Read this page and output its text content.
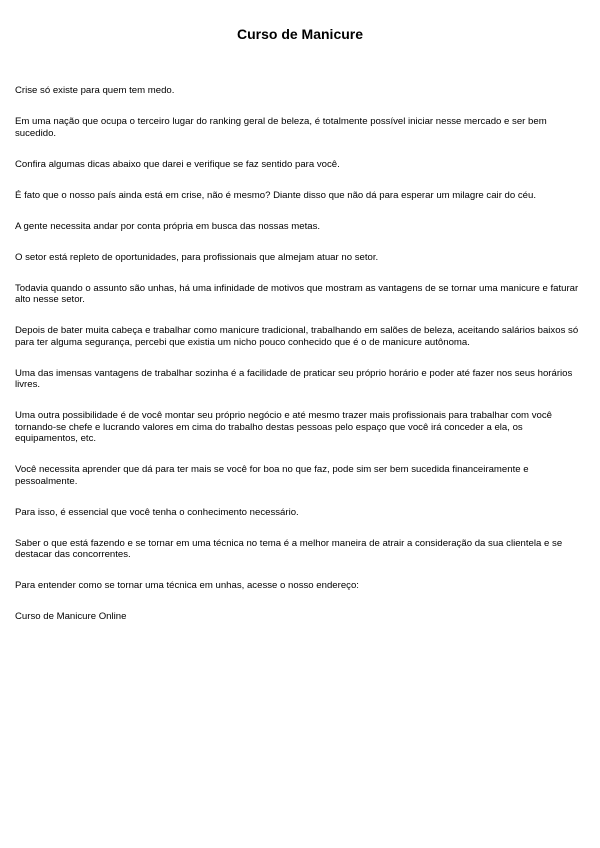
Curso de Manicure

Crise só existe para quem tem medo.

Em uma nação que ocupa o terceiro lugar do ranking geral de beleza, é totalmente possível iniciar nesse mercado e ser bem sucedido.

Confira algumas dicas abaixo que darei e verifique se faz sentido para você.

É fato que o nosso país ainda está em crise, não é mesmo? Diante disso que não dá para esperar um milagre cair do céu.

A gente necessita andar por conta própria em busca das nossas metas.

O setor está repleto de oportunidades, para profissionais que almejam atuar no setor.

Todavia quando o assunto são unhas, há uma infinidade de motivos que mostram as vantagens de se tornar uma manicure e faturar alto nesse setor.

Depois de bater muita cabeça e trabalhar como manicure tradicional, trabalhando em salões de beleza, aceitando salários baixos só para ter alguma segurança, percebi que existia um nicho pouco conhecido que é o de manicure autônoma.

Uma das imensas vantagens de trabalhar sozinha é a facilidade de praticar seu próprio horário e poder até fazer nos seus horários livres.

Uma outra possibilidade é de você montar seu próprio negócio e até mesmo trazer mais profissionais para trabalhar com você tornando-se chefe e lucrando valores em cima do trabalho destas pessoas pelo espaço que você irá conceder a ela, os equipamentos, etc.

Você necessita aprender que dá para ter mais se você for boa no que faz, pode sim ser bem sucedida financeiramente e pessoalmente.

Para isso, é essencial que você tenha o conhecimento necessário.

Saber o que está fazendo e se tornar em uma técnica no tema é a melhor maneira de atrair a consideração da sua clientela e se destacar das concorrentes.

Para entender como se tornar uma técnica em unhas, acesse o nosso endereço:

Curso de Manicure Online
